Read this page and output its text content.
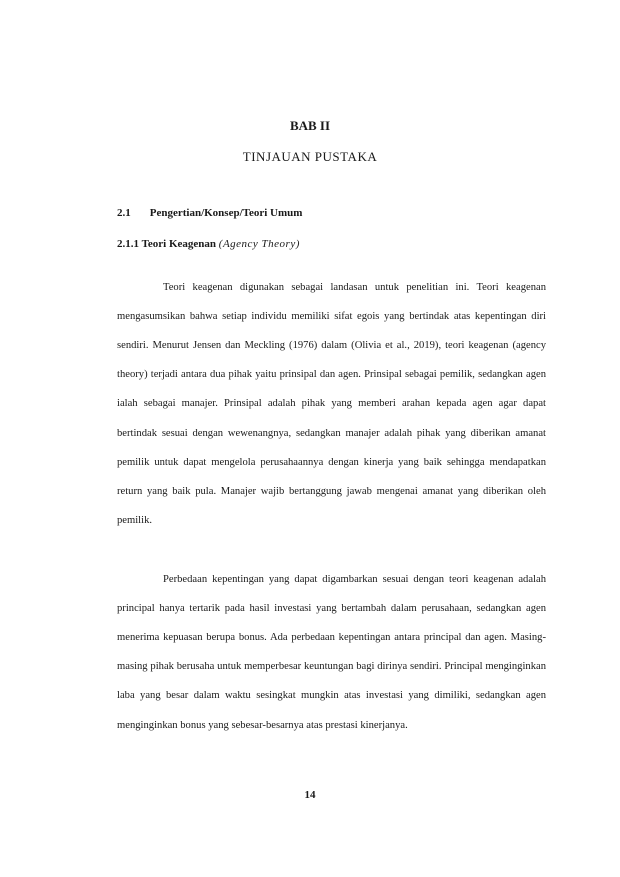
BAB II
TINJAUAN PUSTAKA
2.1 Pengertian/Konsep/Teori Umum
2.1.1 Teori Keagenan (Agency Theory)

Teori keagenan digunakan sebagai landasan untuk penelitian ini. Teori keagenan mengasumsikan bahwa setiap individu memiliki sifat egois yang bertindak atas kepentingan diri sendiri. Menurut Jensen dan Meckling (1976) dalam (Olivia et al., 2019), teori keagenan (agency theory) terjadi antara dua pihak yaitu prinsipal dan agen. Prinsipal sebagai pemilik, sedangkan agen ialah sebagai manajer. Prinsipal adalah pihak yang memberi arahan kepada agen agar dapat bertindak sesuai dengan wewenangnya, sedangkan manajer adalah pihak yang diberikan amanat pemilik untuk dapat mengelola perusahaannya dengan kinerja yang baik sehingga mendapatkan return yang baik pula. Manajer wajib bertanggung jawab mengenai amanat yang diberikan oleh pemilik.

Perbedaan kepentingan yang dapat digambarkan sesuai dengan teori keagenan adalah principal hanya tertarik pada hasil investasi yang bertambah dalam perusahaan, sedangkan agen menerima kepuasan berupa bonus. Ada perbedaan kepentingan antara principal dan agen. Masing-masing pihak berusaha untuk memperbesar keuntungan bagi dirinya sendiri. Principal menginginkan laba yang besar dalam waktu sesingkat mungkin atas investasi yang dimiliki, sedangkan agen menginginkan bonus yang sebesar-besarnya atas prestasi kinerjanya.

14
